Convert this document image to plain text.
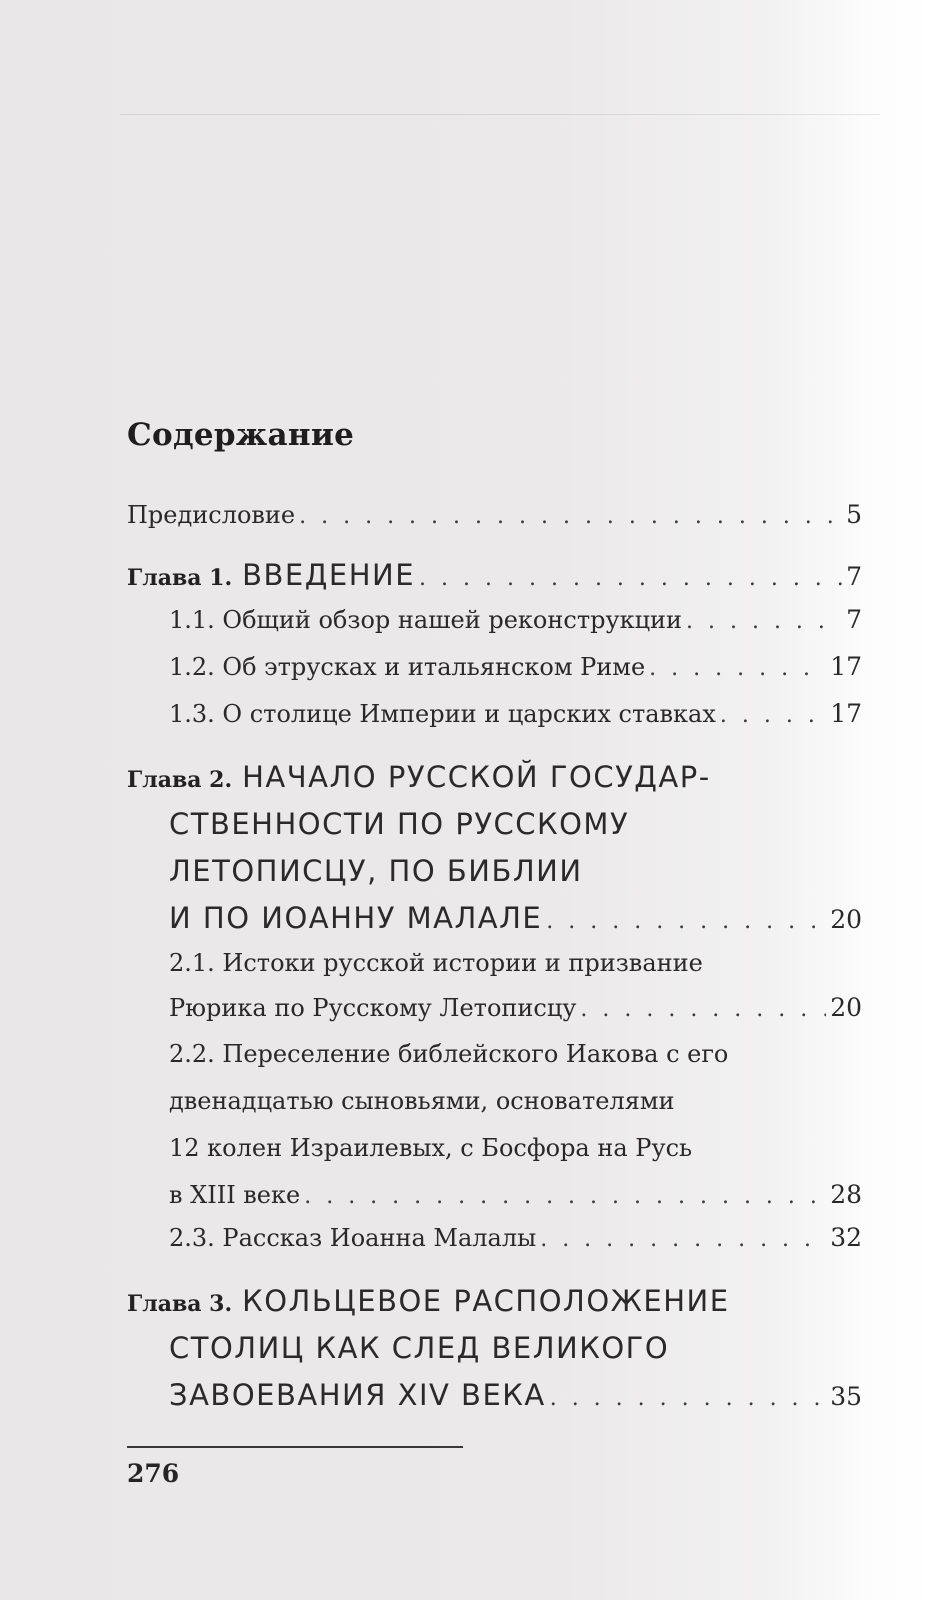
Содержание
Предисловие . . .	5
Глава 1. ВВЕДЕНИЕ . . .	7
1.1. Общий обзор нашей реконструкции . . .	7
1.2. Об этрусках и итальянском Риме . . .	17
1.3. О столице Империи и царских ставках . . .	17
Глава 2. НАЧАЛО РУССКОЙ ГОСУДАР-
СТВЕННОСТИ ПО РУССКОМУ
ЛЕТОПИСЦУ, ПО БИБЛИИ
И ПО ИОАННУ МАЛАЛЕ . . .	20
2.1. Истоки русской истории и призвание
Рюрика по Русскому Летописцу . . .	20
2.2. Переселение библейского Иакова с его
двенадцатью сыновьями, основателями
12 колен Израилевых, с Босфора на Русь
в XIII веке . . .	28
2.3. Рассказ Иоанна Малалы . . .	32
Глава 3. КОЛЬЦЕВОЕ РАСПОЛОЖЕНИЕ
СТОЛИЦ КАК СЛЕД ВЕЛИКОГО
ЗАВОЕВАНИЯ XIV ВЕКА . . .	35
276
